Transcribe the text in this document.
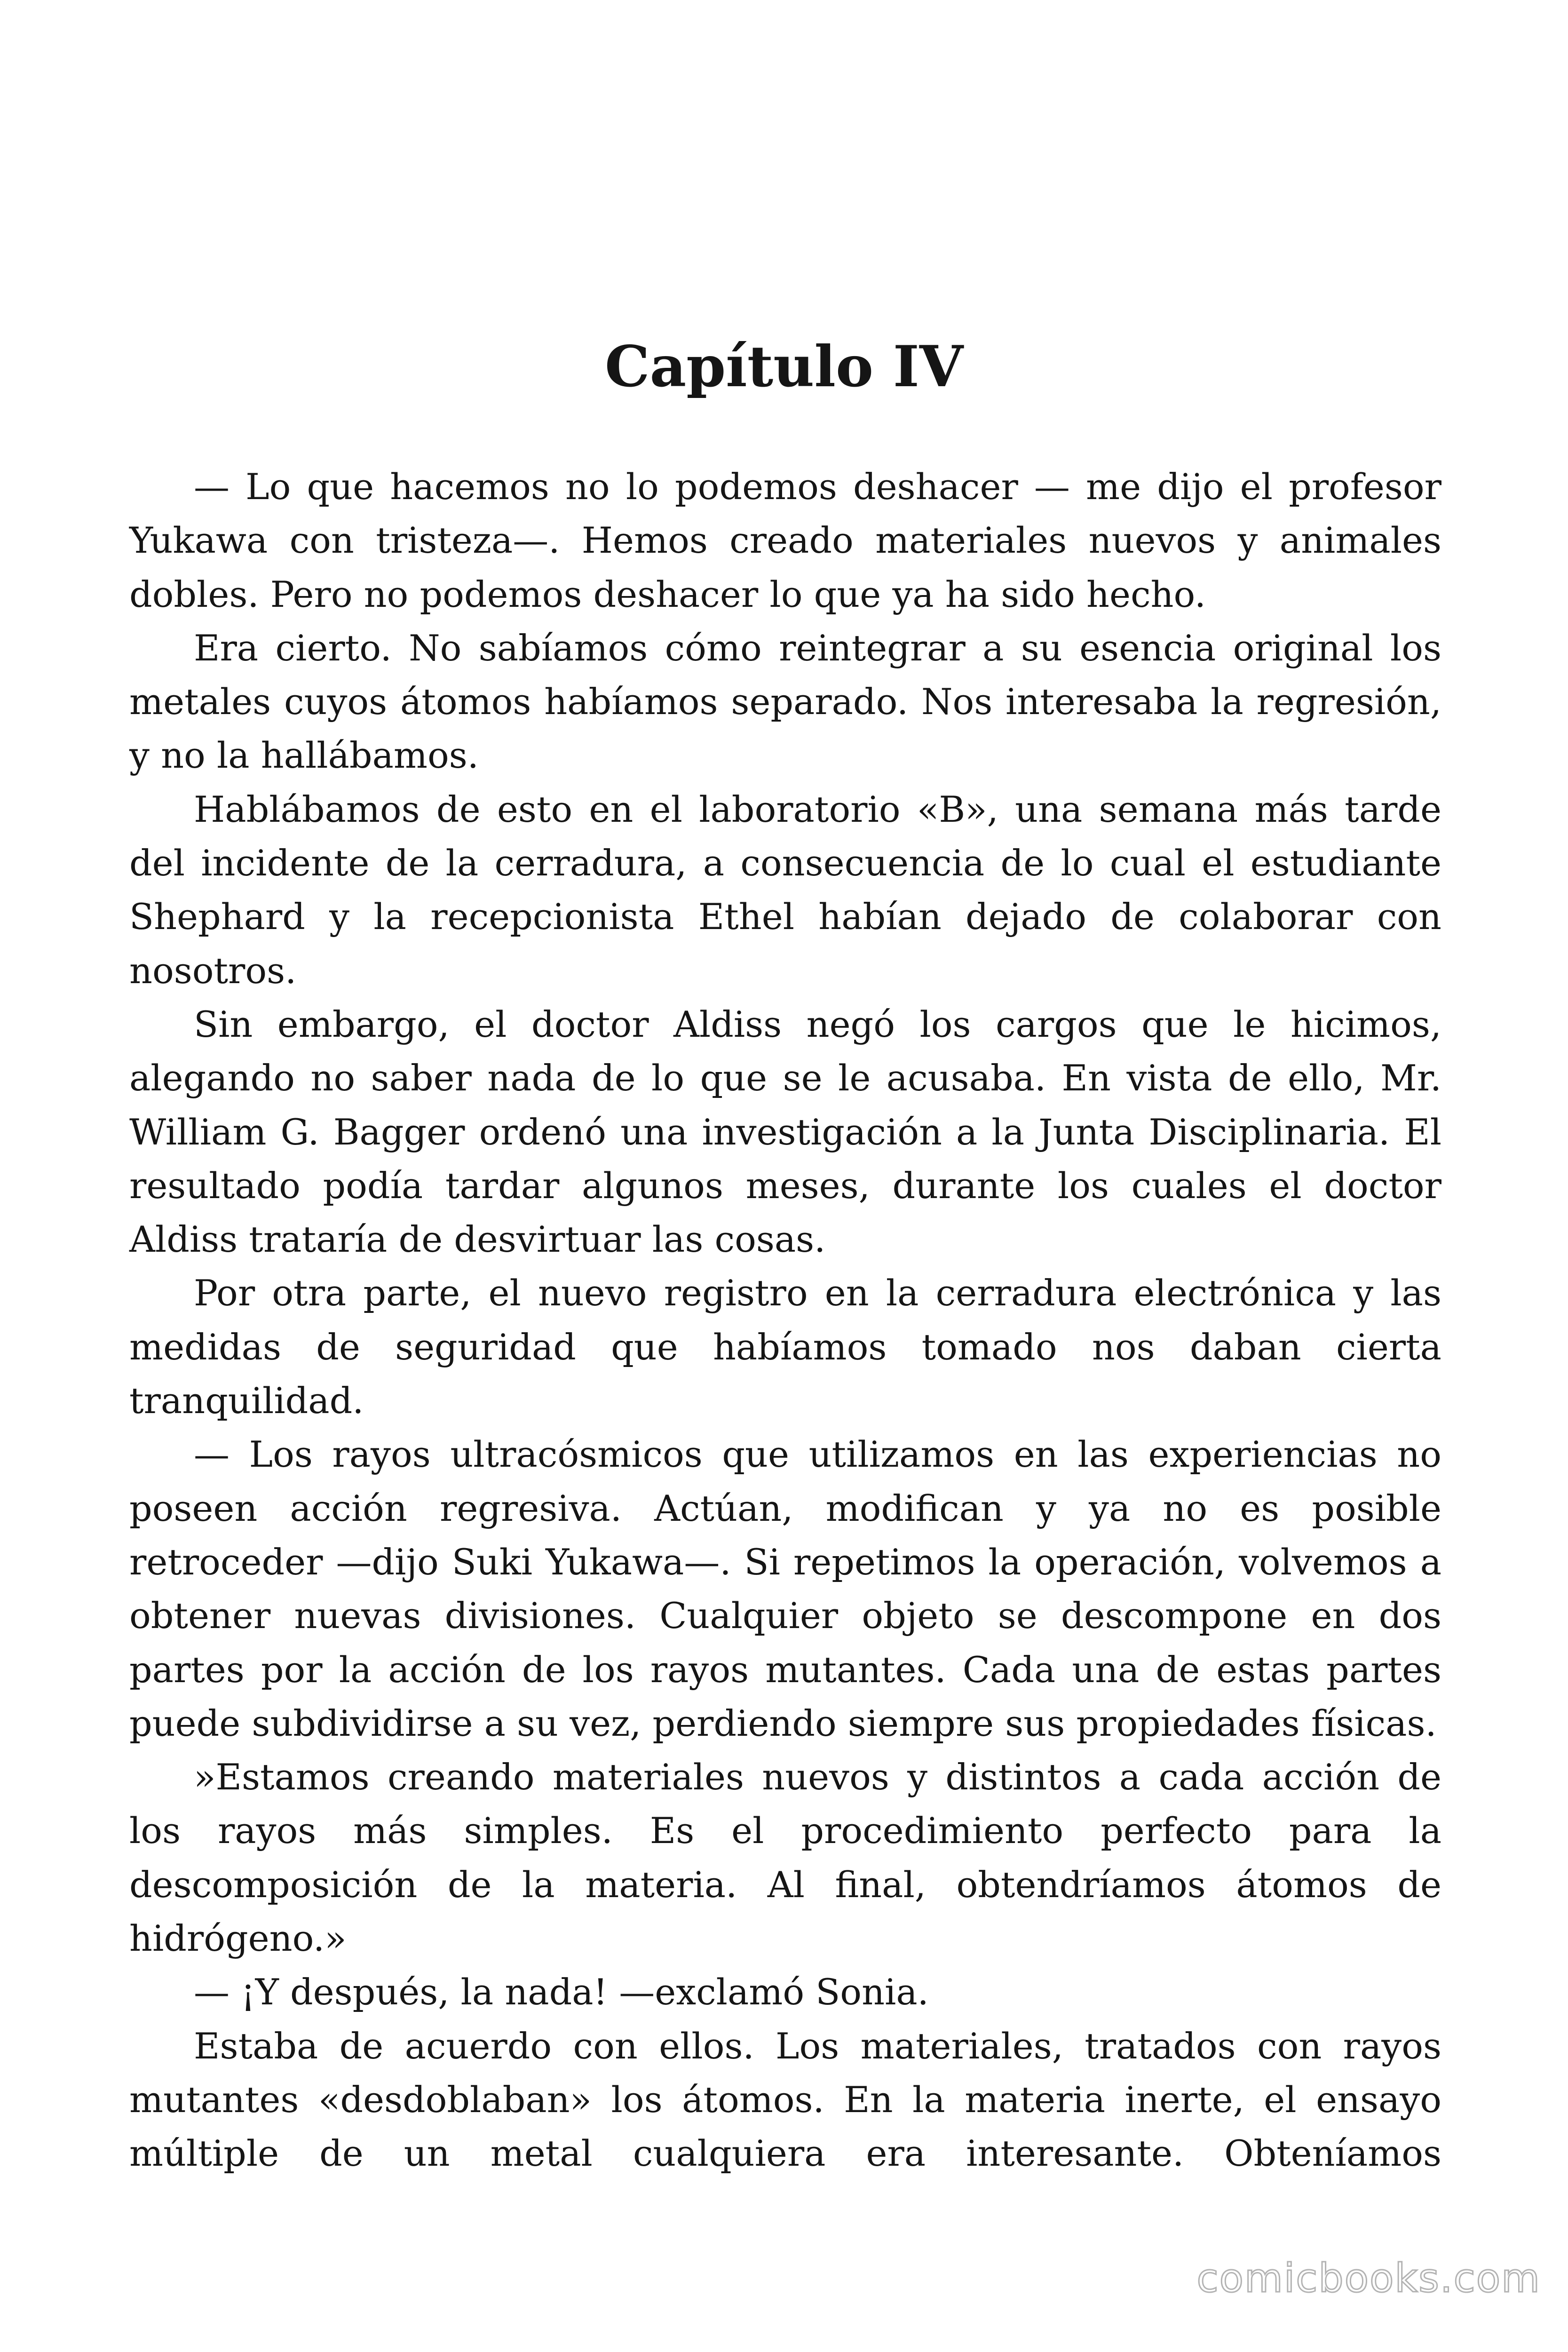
Capítulo IV

— Lo que hacemos no lo podemos deshacer — me dijo el profesor Yukawa con tristeza—. Hemos creado materiales nuevos y animales dobles. Pero no podemos deshacer lo que ya ha sido hecho.

Era cierto. No sabíamos cómo reintegrar a su esencia original los metales cuyos átomos habíamos separado. Nos interesaba la regresión, y no la hallábamos.

Hablábamos de esto en el laboratorio «B», una semana más tarde del incidente de la cerradura, a consecuencia de lo cual el estudiante Shephard y la recepcionista Ethel habían dejado de colaborar con nosotros.

Sin embargo, el doctor Aldiss negó los cargos que le hicimos, alegando no saber nada de lo que se le acusaba. En vista de ello, Mr. William G. Bagger ordenó una investigación a la Junta Disciplinaria. El resultado podía tardar algunos meses, durante los cuales el doctor Aldiss trataría de desvirtuar las cosas.

Por otra parte, el nuevo registro en la cerradura electrónica y las medidas de seguridad que habíamos tomado nos daban cierta tranquilidad.

— Los rayos ultracósmicos que utilizamos en las experiencias no poseen acción regresiva. Actúan, modifican y ya no es posible retroceder —dijo Suki Yukawa—. Si repetimos la operación, volvemos a obtener nuevas divisiones. Cualquier objeto se descompone en dos partes por la acción de los rayos mutantes. Cada una de estas partes puede subdividirse a su vez, perdiendo siempre sus propiedades físicas.

»Estamos creando materiales nuevos y distintos a cada acción de los rayos más simples. Es el procedimiento perfecto para la descomposición de la materia. Al final, obtendríamos átomos de hidrógeno.»

— ¡Y después, la nada! —exclamó Sonia.

Estaba de acuerdo con ellos. Los materiales, tratados con rayos mutantes «desdoblaban» los átomos. En la materia inerte, el ensayo múltiple de un metal cualquiera era interesante. Obteníamos

comicbooks.com
